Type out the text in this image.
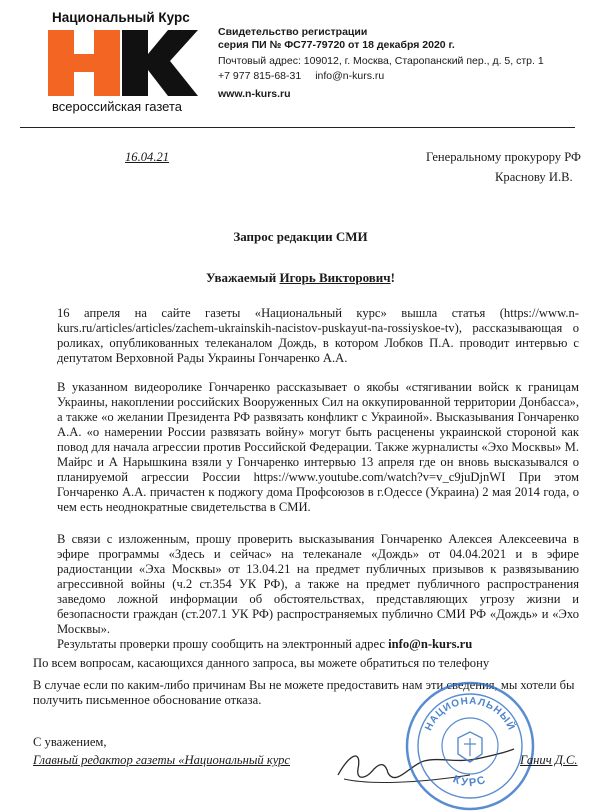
Национальный Курс
всероссийская газета
Свидетельство регистрации
серия ПИ № ФС77-79720 от 18 декабря 2020 г.
Почтовый адрес: 109012, г. Москва, Старопанский пер., д. 5, стр. 1
+7 977 815-68-31 info@n-kurs.ru
www.n-kurs.ru
16.04.21	Генеральному прокурору РФ
Краснову И.В.
Запрос редакции СМИ
Уважаемый Игорь Викторович!
16 апреля на сайте газеты «Национальный курс» вышла статья (https://www.n-kurs.ru/articles/articles/zachem-ukrainskih-nacistov-puskayut-na-rossiyskoe-tv), рассказывающая о роликах, опубликованных телеканалом Дождь, в котором Лобков П.А. проводит интервью с депутатом Верховной Рады Украины Гончаренко А.А.
В указанном видеоролике Гончаренко рассказывает о якобы «стягивании войск к границам Украины, накоплении российских Вооруженных Сил на оккупированной территории Донбасса», а также «о желании Президента РФ развязать конфликт с Украиной». Высказывания Гончаренко А.А. «о намерении России развязать войну» могут быть расценены украинской стороной как повод для начала агрессии против Российской Федерации. Также журналисты «Эхо Москвы» М. Майрс и А Нарышкина взяли у Гончаренко интервью 13 апреля где он вновь высказывался о планируемой агрессии России https://www.youtube.com/watch?v=v_c9juDjnWI При этом Гончаренко А.А. причастен к поджогу дома Профсоюзов в г.Одессе (Украина) 2 мая 2014 года, о чем есть неоднократные свидетельства в СМИ.
В связи с изложенным, прошу проверить высказывания Гончаренко Алексея Алексеевича в эфире программы «Здесь и сейчас» на телеканале «Дождь» от 04.04.2021 и в эфире радиостанции «Эха Москвы» от 13.04.21 на предмет публичных призывов к развязыванию агрессивной войны (ч.2 ст.354 УК РФ), а также на предмет публичного распространения заведомо ложной информации об обстоятельствах, представляющих угрозу жизни и безопасности граждан (ст.207.1 УК РФ) распространяемых публично СМИ РФ «Дождь» и «Эхо Москвы».
Результаты проверки прошу сообщить на электронный адрес info@n-kurs.ru
По всем вопросам, касающихся данного запроса, вы можете обратиться по телефону
В случае если по каким-либо причинам Вы не можете предоставить нам эти сведения, мы хотели бы получить письменное обоснование отказа.
С уважением,
Главный редактор газеты «Национальный курс
НАЦИОНАЛЬНЫЙ
КУРС
Ганич Д.С.
